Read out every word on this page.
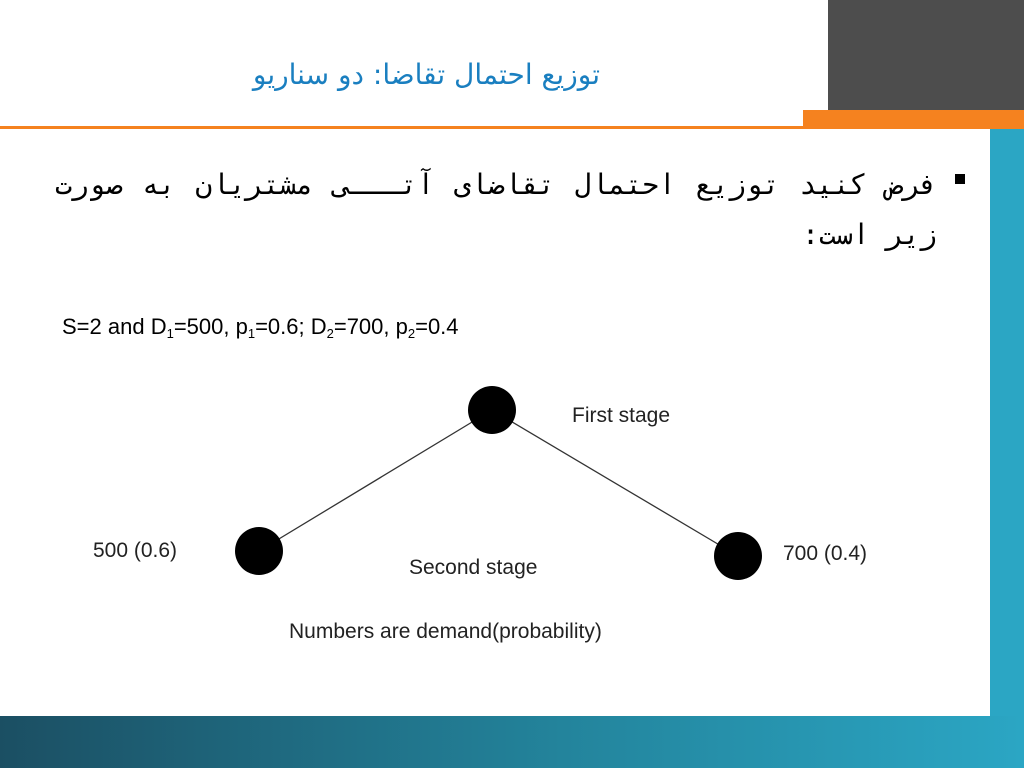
توزیع احتمال تقاضا: دو سناریو
فرض کنید توزیع احتمال تقاضای آتـــی مشتریان به صورت زیر است:
S=2 and $D_1=500$, $p_1=0.6$; $D_2=700$, $p_2=0.4$
First stage
500 (0.6)	700 (0.4)
Second stage
Numbers are demand(probability)
